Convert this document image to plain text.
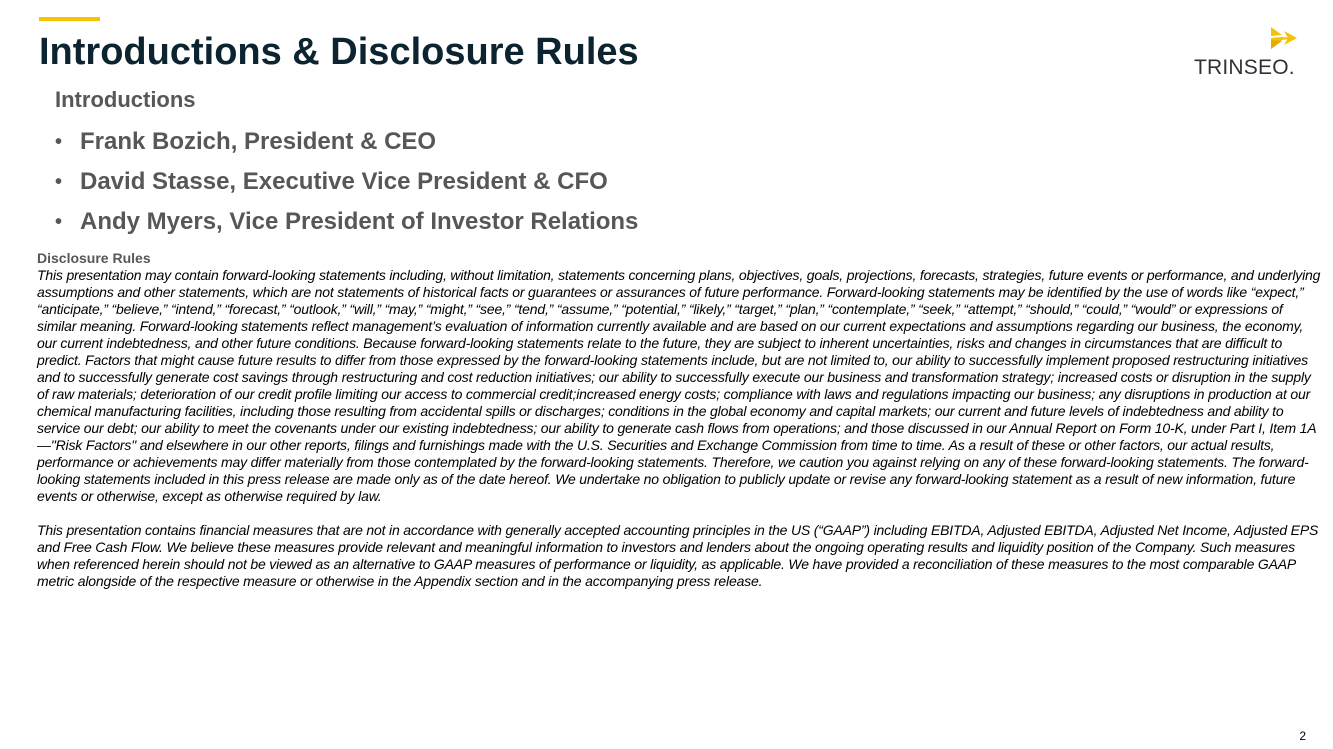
Introductions & Disclosure Rules	TRINSEO.
Introductions
• Frank Bozich, President & CEO
• David Stasse, Executive Vice President & CFO
• Andy Myers, Vice President of Investor Relations
Disclosure Rules

This presentation may contain forward-looking statements including, without limitation, statements concerning plans, objectives, goals, projections, forecasts, strategies, future events or performance, and underlying assumptions and other statements, which are not statements of historical facts or guarantees or assurances of future performance. Forward-looking statements may be identified by the use of words like “expect,” “anticipate,” “believe,” “intend,” “forecast,” “outlook,” “will,” “may,” “might,” “see,” “tend,” “assume,” “potential,” “likely,” “target,” “plan,” “contemplate,” “seek,” “attempt,” “should,” “could,” “would” or expressions of similar meaning. Forward-looking statements reflect management’s evaluation of information currently available and are based on our current expectations and assumptions regarding our business, the economy, our current indebtedness, and other future conditions. Because forward-looking statements relate to the future, they are subject to inherent uncertainties, risks and changes in circumstances that are difficult to predict. Factors that might cause future results to differ from those expressed by the forward-looking statements include, but are not limited to, our ability to successfully implement proposed restructuring initiatives and to successfully generate cost savings through restructuring and cost reduction initiatives; our ability to successfully execute our business and transformation strategy; increased costs or disruption in the supply of raw materials; deterioration of our credit profile limiting our access to commercial credit;increased energy costs; compliance with laws and regulations impacting our business; any disruptions in production at our chemical manufacturing facilities, including those resulting from accidental spills or discharges; conditions in the global economy and capital markets; our current and future levels of indebtedness and ability to service our debt; our ability to meet the covenants under our existing indebtedness; our ability to generate cash flows from operations; and those discussed in our Annual Report on Form 10-K, under Part I, Item 1A —"Risk Factors" and elsewhere in our other reports, filings and furnishings made with the U.S. Securities and Exchange Commission from time to time. As a result of these or other factors, our actual results, performance or achievements may differ materially from those contemplated by the forward-looking statements. Therefore, we caution you against relying on any of these forward-looking statements. The forward-looking statements included in this press release are made only as of the date hereof. We undertake no obligation to publicly update or revise any forward-looking statement as a result of new information, future events or otherwise, except as otherwise required by law.

This presentation contains financial measures that are not in accordance with generally accepted accounting principles in the US (“GAAP”) including EBITDA, Adjusted EBITDA, Adjusted Net Income, Adjusted EPS and Free Cash Flow. We believe these measures provide relevant and meaningful information to investors and lenders about the ongoing operating results and liquidity position of the Company. Such measures when referenced herein should not be viewed as an alternative to GAAP measures of performance or liquidity, as applicable. We have provided a reconciliation of these measures to the most comparable GAAP metric alongside of the respective measure or otherwise in the Appendix section and in the accompanying press release.

2
